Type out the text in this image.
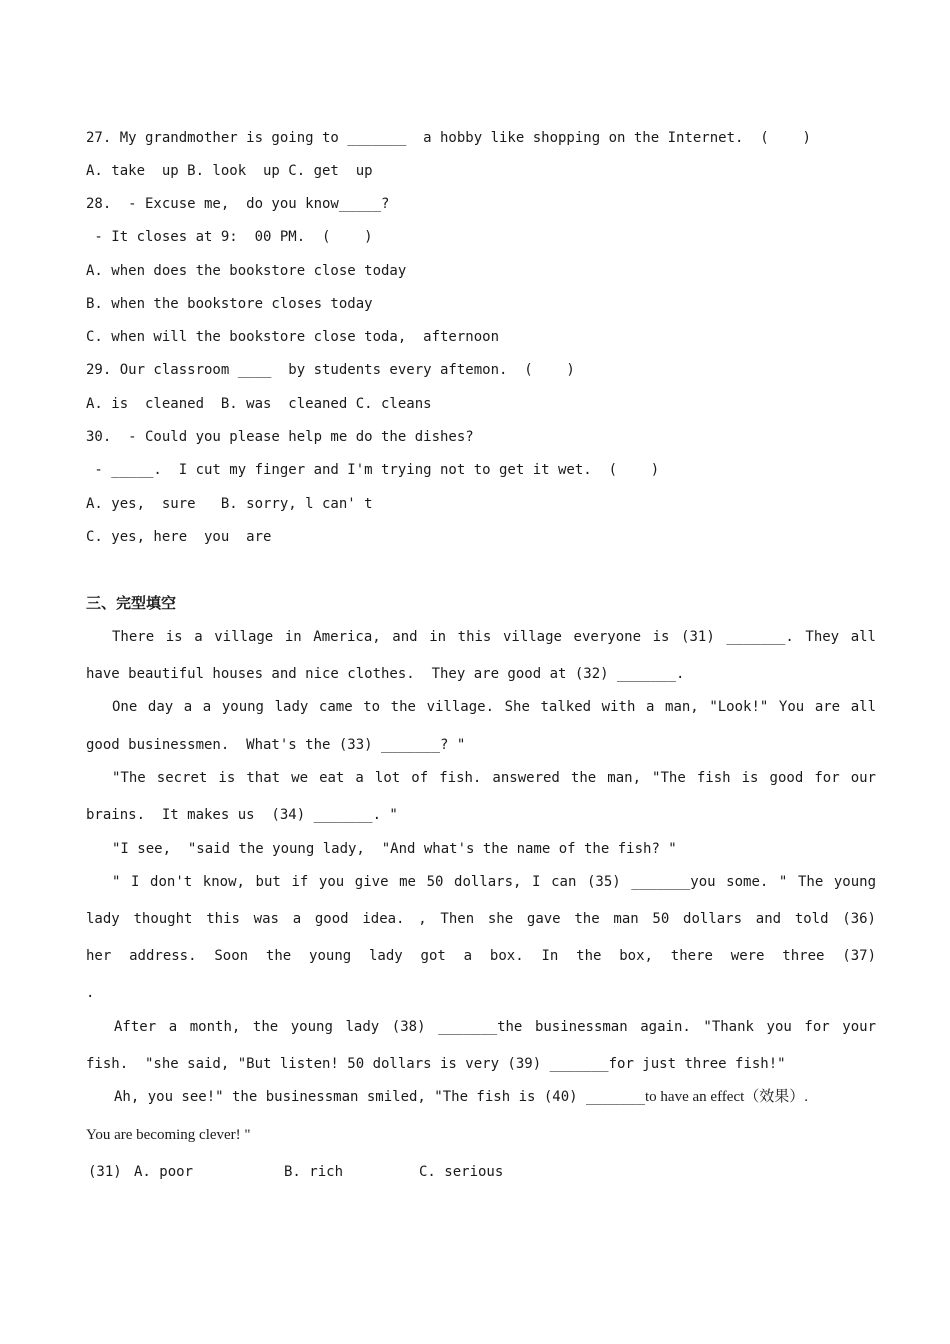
27. My grandmother is going to _______  a hobby like shopping on the Internet.  (    )
A. take  up B. look  up C. get  up
28.  - Excuse me,  do you know_____?
- It closes at 9:  00 PM.  (    )
A. when does the bookstore close today
B. when the bookstore closes today
C. when will the bookstore close toda,  afternoon
29. Our classroom ____  by students every aftemon.  (    )
A. is  cleaned  B. was  cleaned C. cleans
30.  - Could you please help me do the dishes?
- _____.  I cut my finger and I'm trying not to get it wet.  (    )
A. yes,  sure   B. sorry, l can' t
C. yes, here  you  are
三、完型填空
There is a village in America, and in this village everyone is (31) _______. They all
have beautiful houses and nice clothes.  They are good at (32) _______.
One day a a young lady came to the village. She talked with a man, "Look!" You are all
good businessmen.  What's the (33) _______? "
"The secret is that we eat a lot of fish. answered the man, "The fish is good for our
brains.  It makes us  (34) _______. "
"I see,  "said the young lady,  "And what's the name of the fish? "
" I don't know, but if you give me 50 dollars, I can (35) _______you some. " The young
lady thought this was a good idea. , Then she gave the man 50 dollars and told (36)
her address. Soon the young lady got a box. In the box, there were three (37)
.
After a month, the young lady (38) _______the businessman again. "Thank you for your
fish.  "she said, "But listen! 50 dollars is very (39) _______for just three fish!"
Ah, you see!" the businessman smiled, "The fish is (40) _______to have an effect（效果）.
You are becoming clever! "
(31) A. poor	B. rich	C. serious
